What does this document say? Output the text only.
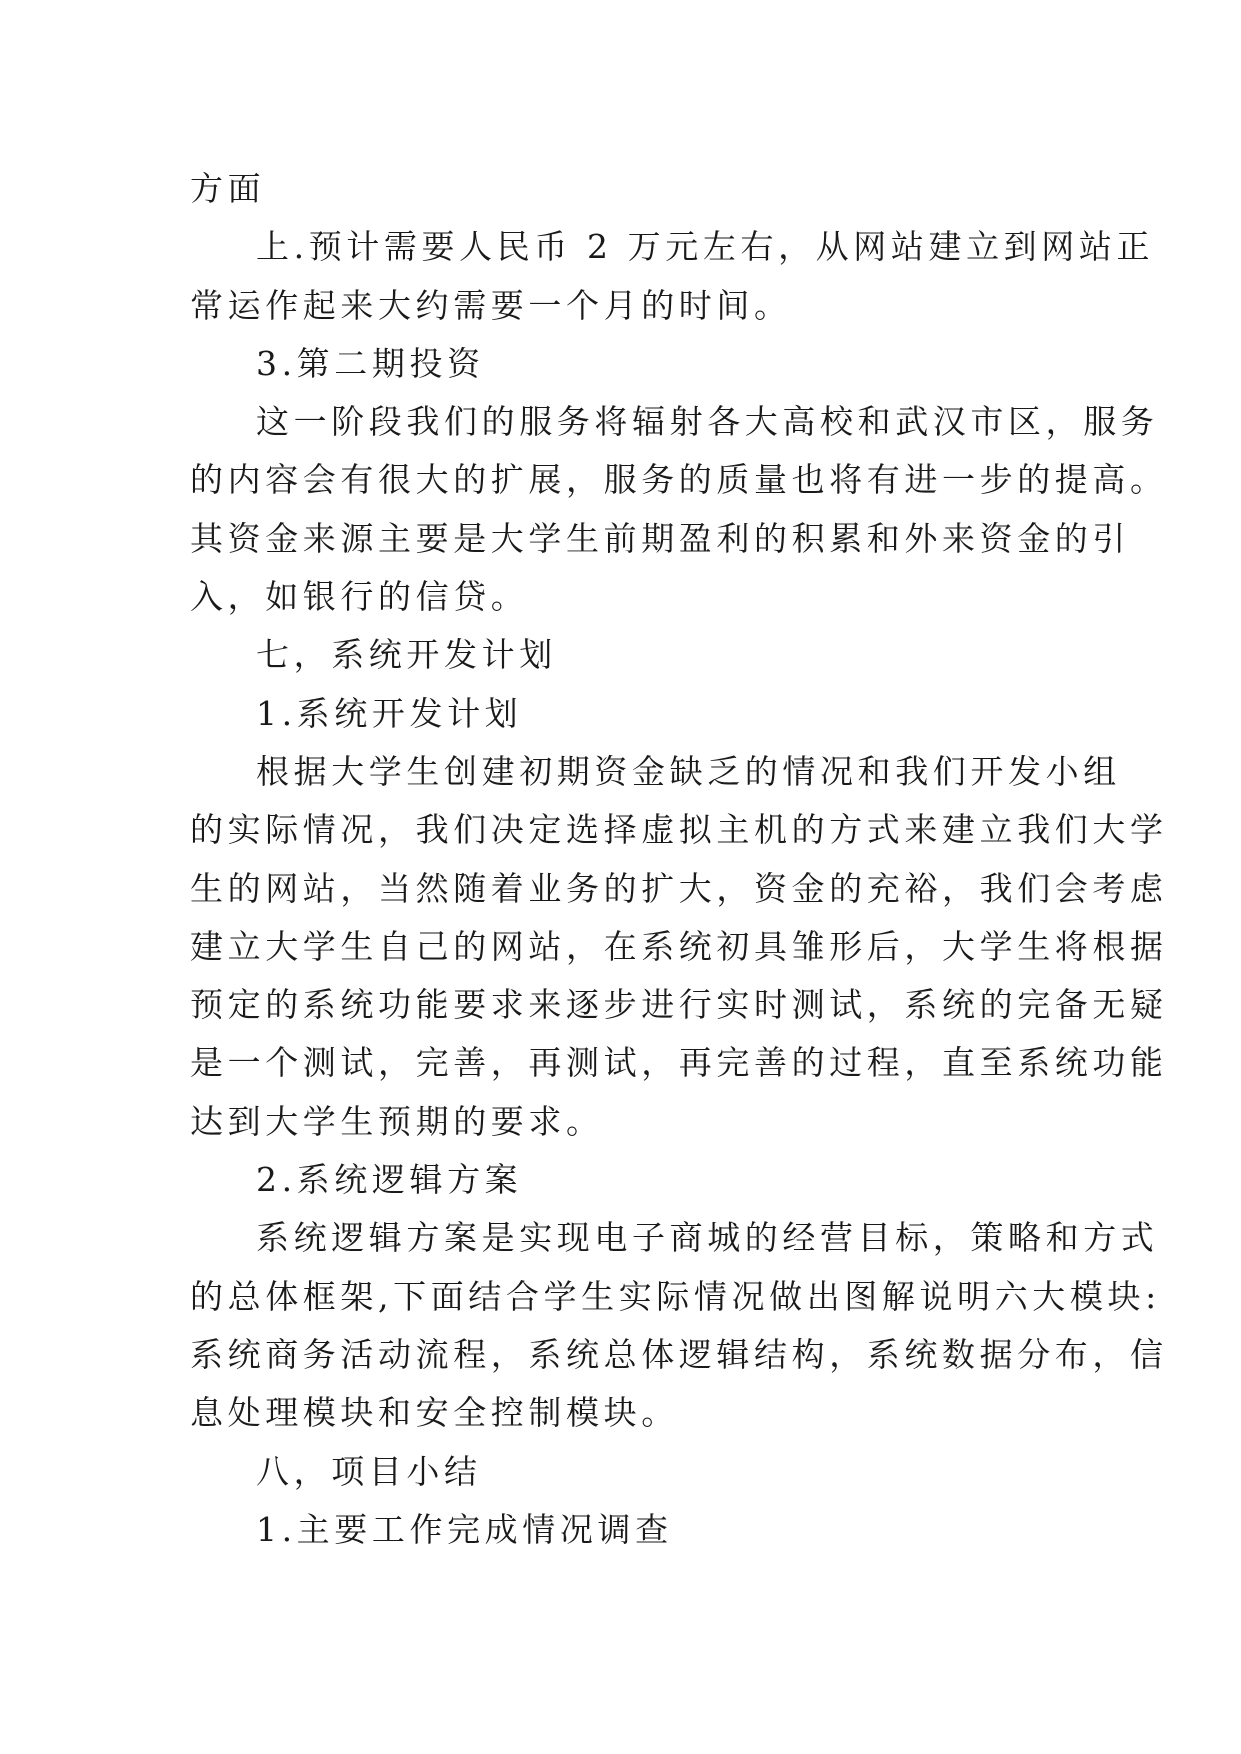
方面
上.预计需要人民币 2 万元左右，从网站建立到网站正
常运作起来大约需要一个月的时间。
3.第二期投资
这一阶段我们的服务将辐射各大高校和武汉市区，服务
的内容会有很大的扩展，服务的质量也将有进一步的提高。
其资金来源主要是大学生前期盈利的积累和外来资金的引
入，如银行的信贷。
七，系统开发计划
1.系统开发计划
根据大学生创建初期资金缺乏的情况和我们开发小组
的实际情况，我们决定选择虚拟主机的方式来建立我们大学
生的网站，当然随着业务的扩大，资金的充裕，我们会考虑
建立大学生自己的网站，在系统初具雏形后，大学生将根据
预定的系统功能要求来逐步进行实时测试，系统的完备无疑
是一个测试，完善，再测试，再完善的过程，直至系统功能
达到大学生预期的要求。
2.系统逻辑方案
系统逻辑方案是实现电子商城的经营目标，策略和方式
的总体框架,下面结合学生实际情况做出图解说明六大模块:
系统商务活动流程，系统总体逻辑结构，系统数据分布，信
息处理模块和安全控制模块。
八，项目小结
1.主要工作完成情况调查
